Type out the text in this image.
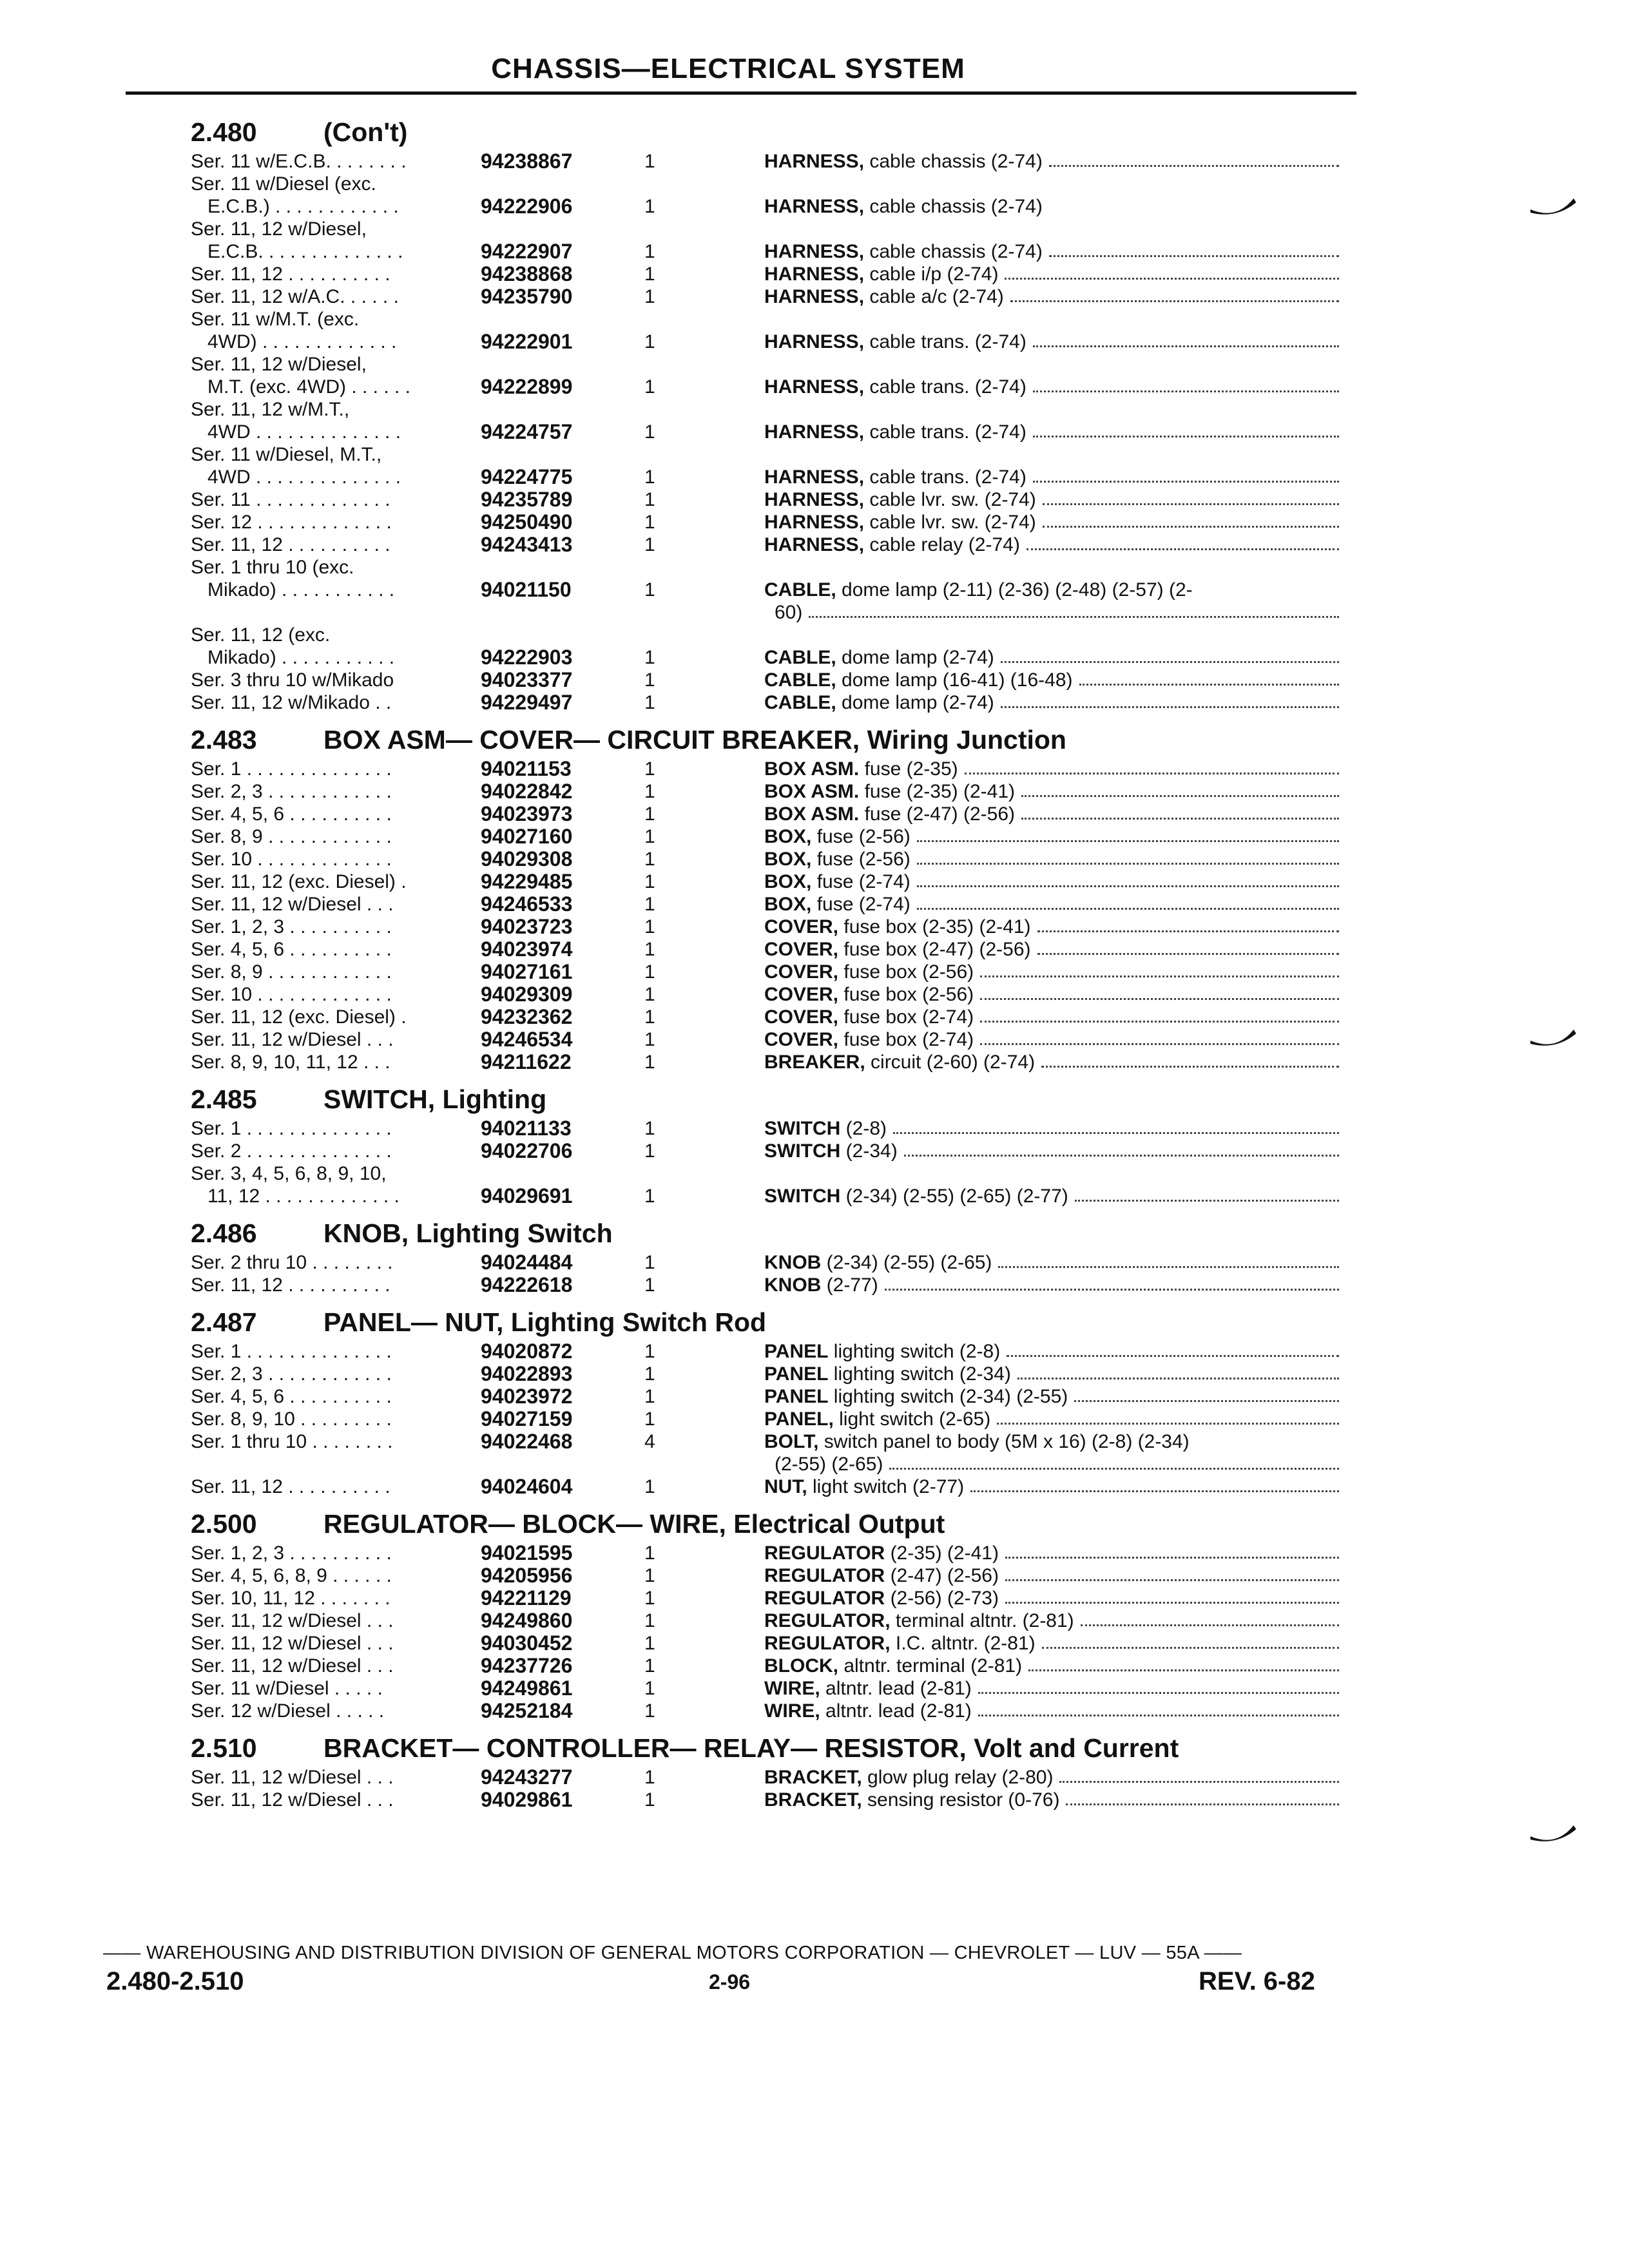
CHASSIS—ELECTRICAL SYSTEM
2.480	(Con't)
Ser. 11 w/E.C.B. . . . . . . .	94238867	1	HARNESS, cable chassis (2-74)
Ser. 11 w/Diesel (exc.
E.C.B.) . . . . . . . . . . . .	94222906	1	HARNESS, cable chassis (2-74)
Ser. 11, 12 w/Diesel,
E.C.B. . . . . . . . . . . . . .	94222907	1	HARNESS, cable chassis (2-74)
Ser. 11, 12 . . . . . . . . . .	94238868	1	HARNESS, cable i/p (2-74)
Ser. 11, 12 w/A.C. . . . . .	94235790	1	HARNESS, cable a/c (2-74)
Ser. 11 w/M.T. (exc.
4WD) . . . . . . . . . . . . .	94222901	1	HARNESS, cable trans. (2-74)
Ser. 11, 12 w/Diesel,
M.T. (exc. 4WD) . . . . . .	94222899	1	HARNESS, cable trans. (2-74)
Ser. 11, 12 w/M.T.,
4WD . . . . . . . . . . . . . .	94224757	1	HARNESS, cable trans. (2-74)
Ser. 11 w/Diesel, M.T.,
4WD . . . . . . . . . . . . . .	94224775	1	HARNESS, cable trans. (2-74)
Ser. 11 . . . . . . . . . . . . .	94235789	1	HARNESS, cable lvr. sw. (2-74)
Ser. 12 . . . . . . . . . . . . .	94250490	1	HARNESS, cable lvr. sw. (2-74)
Ser. 11, 12 . . . . . . . . . .	94243413	1	HARNESS, cable relay (2-74)
Ser. 1 thru 10 (exc.
Mikado) . . . . . . . . . . .	94021150	1	CABLE, dome lamp (2-11) (2-36) (2-48) (2-57) (2-
60)
Ser. 11, 12 (exc.
Mikado) . . . . . . . . . . .	94222903	1	CABLE, dome lamp (2-74)
Ser. 3 thru 10 w/Mikado	94023377	1	CABLE, dome lamp (16-41) (16-48)
Ser. 11, 12 w/Mikado . .	94229497	1	CABLE, dome lamp (2-74)
2.483	BOX ASM— COVER— CIRCUIT BREAKER, Wiring Junction
Ser. 1 . . . . . . . . . . . . . .	94021153	1	BOX ASM. fuse (2-35)
Ser. 2, 3 . . . . . . . . . . . .	94022842	1	BOX ASM. fuse (2-35) (2-41)
Ser. 4, 5, 6 . . . . . . . . . .	94023973	1	BOX ASM. fuse (2-47) (2-56)
Ser. 8, 9 . . . . . . . . . . . .	94027160	1	BOX, fuse (2-56)
Ser. 10 . . . . . . . . . . . . .	94029308	1	BOX, fuse (2-56)
Ser. 11, 12 (exc. Diesel) .	94229485	1	BOX, fuse (2-74)
Ser. 11, 12 w/Diesel . . .	94246533	1	BOX, fuse (2-74)
Ser. 1, 2, 3 . . . . . . . . . .	94023723	1	COVER, fuse box (2-35) (2-41)
Ser. 4, 5, 6 . . . . . . . . . .	94023974	1	COVER, fuse box (2-47) (2-56)
Ser. 8, 9 . . . . . . . . . . . .	94027161	1	COVER, fuse box (2-56)
Ser. 10 . . . . . . . . . . . . .	94029309	1	COVER, fuse box (2-56)
Ser. 11, 12 (exc. Diesel) .	94232362	1	COVER, fuse box (2-74)
Ser. 11, 12 w/Diesel . . .	94246534	1	COVER, fuse box (2-74)
Ser. 8, 9, 10, 11, 12 . . .	94211622	1	BREAKER, circuit (2-60) (2-74)
2.485	SWITCH, Lighting
Ser. 1 . . . . . . . . . . . . . .	94021133	1	SWITCH (2-8)
Ser. 2 . . . . . . . . . . . . . .	94022706	1	SWITCH (2-34)
Ser. 3, 4, 5, 6, 8, 9, 10,
11, 12 . . . . . . . . . . . . .	94029691	1	SWITCH (2-34) (2-55) (2-65) (2-77)
2.486	KNOB, Lighting Switch
Ser. 2 thru 10 . . . . . . . .	94024484	1	KNOB (2-34) (2-55) (2-65)
Ser. 11, 12 . . . . . . . . . .	94222618	1	KNOB (2-77)
2.487	PANEL— NUT, Lighting Switch Rod
Ser. 1 . . . . . . . . . . . . . .	94020872	1	PANEL lighting switch (2-8)
Ser. 2, 3 . . . . . . . . . . . .	94022893	1	PANEL lighting switch (2-34)
Ser. 4, 5, 6 . . . . . . . . . .	94023972	1	PANEL lighting switch (2-34) (2-55)
Ser. 8, 9, 10 . . . . . . . . .	94027159	1	PANEL, light switch (2-65)
Ser. 1 thru 10 . . . . . . . .	94022468	4	BOLT, switch panel to body (5M x 16) (2-8) (2-34)
(2-55) (2-65)
Ser. 11, 12 . . . . . . . . . .	94024604	1	NUT, light switch (2-77)
2.500	REGULATOR— BLOCK— WIRE, Electrical Output
Ser. 1, 2, 3 . . . . . . . . . .	94021595	1	REGULATOR (2-35) (2-41)
Ser. 4, 5, 6, 8, 9 . . . . . .	94205956	1	REGULATOR (2-47) (2-56)
Ser. 10, 11, 12 . . . . . . .	94221129	1	REGULATOR (2-56) (2-73)
Ser. 11, 12 w/Diesel . . .	94249860	1	REGULATOR, terminal altntr. (2-81)
Ser. 11, 12 w/Diesel . . .	94030452	1	REGULATOR, I.C. altntr. (2-81)
Ser. 11, 12 w/Diesel . . .	94237726	1	BLOCK, altntr. terminal (2-81)
Ser. 11 w/Diesel . . . . .	94249861	1	WIRE, altntr. lead (2-81)
Ser. 12 w/Diesel . . . . .	94252184	1	WIRE, altntr. lead (2-81)
2.510	BRACKET— CONTROLLER— RELAY— RESISTOR, Volt and Current
Ser. 11, 12 w/Diesel . . .	94243277	1	BRACKET, glow plug relay (2-80)
Ser. 11, 12 w/Diesel . . .	94029861	1	BRACKET, sensing resistor (0-76)
—— WAREHOUSING AND DISTRIBUTION DIVISION OF GENERAL MOTORS CORPORATION — CHEVROLET — LUV — 55A ——
2.480-2.510	2-96	REV. 6-82
